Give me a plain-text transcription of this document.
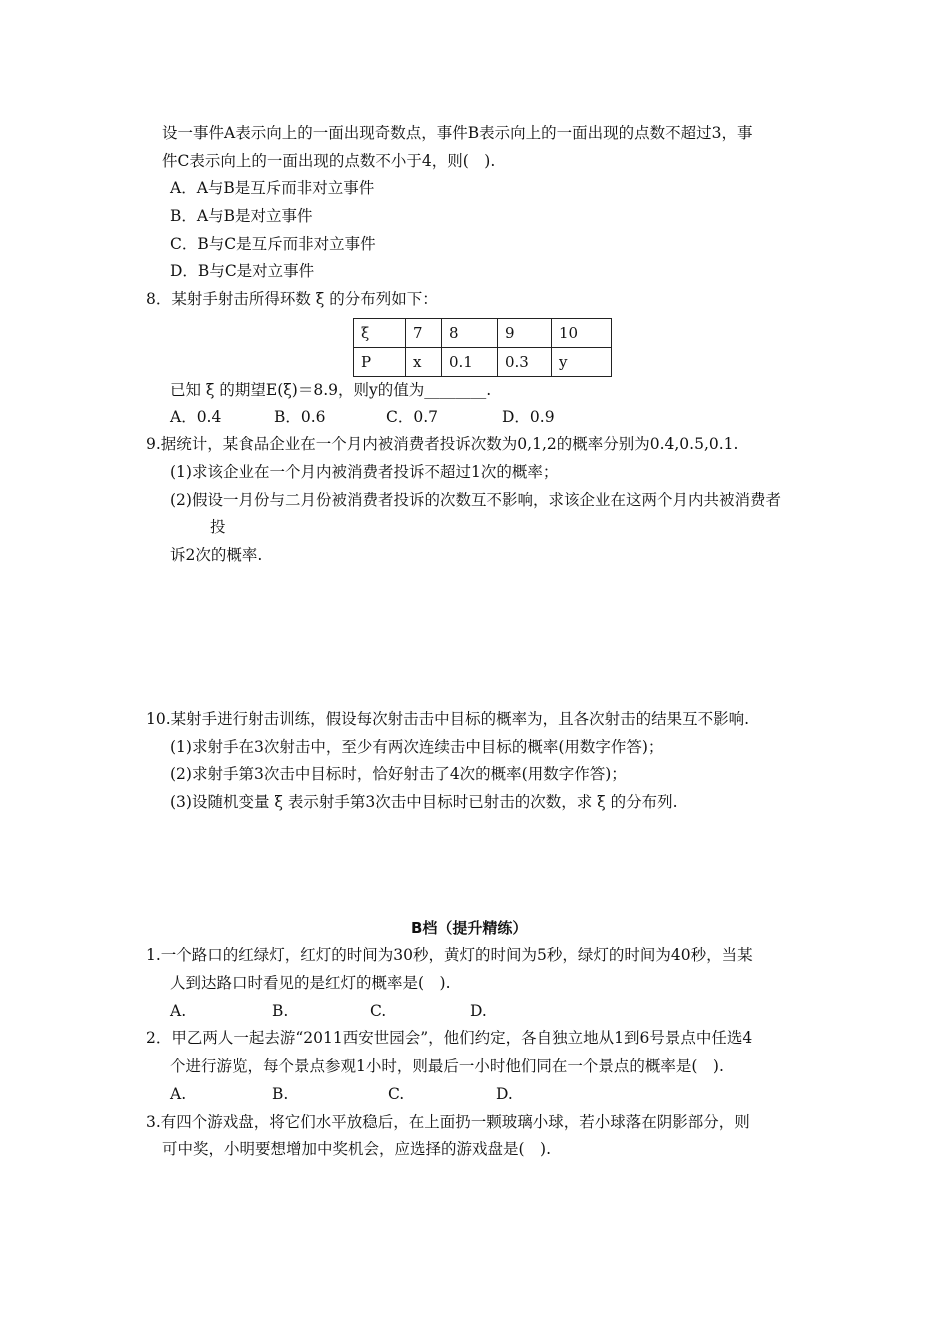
设一事件A表示向上的一面出现奇数点，事件B表示向上的一面出现的点数不超过3，事
件C表示向上的一面出现的点数不小于4，则(　).
A．A与B是互斥而非对立事件
B．A与B是对立事件
C．B与C是互斥而非对立事件
D．B与C是对立事件
8．某射手射击所得环数 ξ 的分布列如下：
ξ	7	8	9	10
P	x	0.1	0.3	y
已知 ξ 的期望E(ξ)＝8.9，则y的值为________.
A．0.4	B．0.6	C．0.7	D．0.9
9.据统计，某食品企业在一个月内被消费者投诉次数为0,1,2的概率分别为0.4,0.5,0.1.
(1)求该企业在一个月内被消费者投诉不超过1次的概率；
(2)假设一月份与二月份被消费者投诉的次数互不影响，求该企业在这两个月内共被消费者
投
诉2次的概率.
10.某射手进行射击训练，假设每次射击击中目标的概率为，且各次射击的结果互不影响.
(1)求射手在3次射击中，至少有两次连续击中目标的概率(用数字作答)；
(2)求射手第3次击中目标时，恰好射击了4次的概率(用数字作答)；
(3)设随机变量 ξ 表示射手第3次击中目标时已射击的次数，求 ξ 的分布列.
B档（提升精练）
1.一个路口的红绿灯，红灯的时间为30秒，黄灯的时间为5秒，绿灯的时间为40秒，当某
人到达路口时看见的是红灯的概率是(　).
A.	B.	C.	D.
2．甲乙两人一起去游“2011西安世园会”，他们约定，各自独立地从1到6号景点中任选4
个进行游览，每个景点参观1小时，则最后一小时他们同在一个景点的概率是(　).
A.	B.	C.	D.
3.有四个游戏盘，将它们水平放稳后，在上面扔一颗玻璃小球，若小球落在阴影部分，则
可中奖，小明要想增加中奖机会，应选择的游戏盘是(　).
